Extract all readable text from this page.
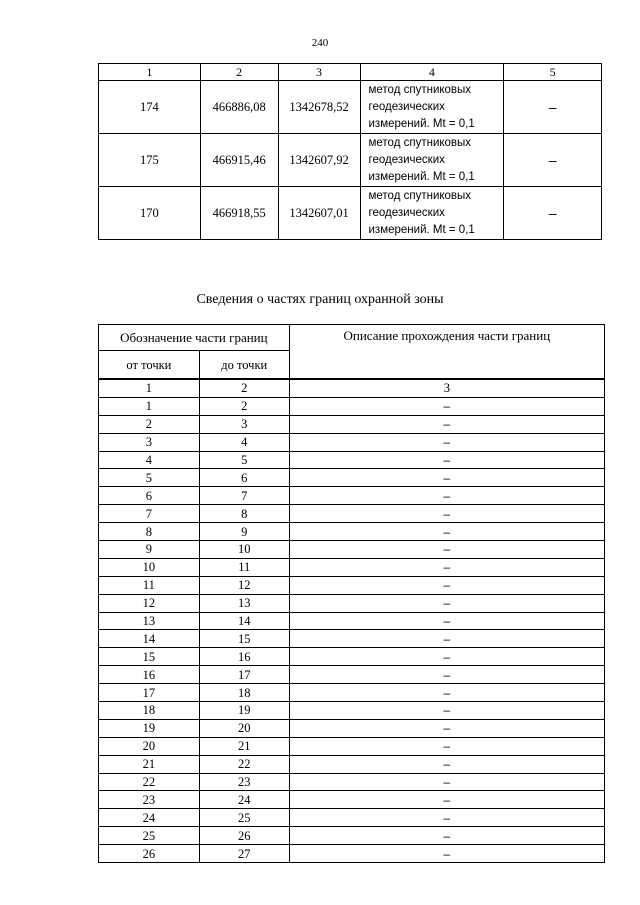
240
1	2	3	4	5
174	466886,08	1342678,52	метод спутниковых
геодезических
измерений. Mt = 0,1	–
175	466915,46	1342607,92	метод спутниковых
геодезических
измерений. Mt = 0,1	–
170	466918,55	1342607,01	метод спутниковых
геодезических
измерений. Mt = 0,1	–
Сведения о частях границ охранной зоны
Обозначение части границ		Описание прохождения части границ
от точки	до точки	
1	2	3
1	2	–
2	3	–
3	4	–
4	5	–
5	6	–
6	7	–
7	8	–
8	9	–
9	10	–
10	11	–
11	12	–
12	13	–
13	14	–
14	15	–
15	16	–
16	17	–
17	18	–
18	19	–
19	20	–
20	21	–
21	22	–
22	23	–
23	24	–
24	25	–
25	26	–
26	27	–
